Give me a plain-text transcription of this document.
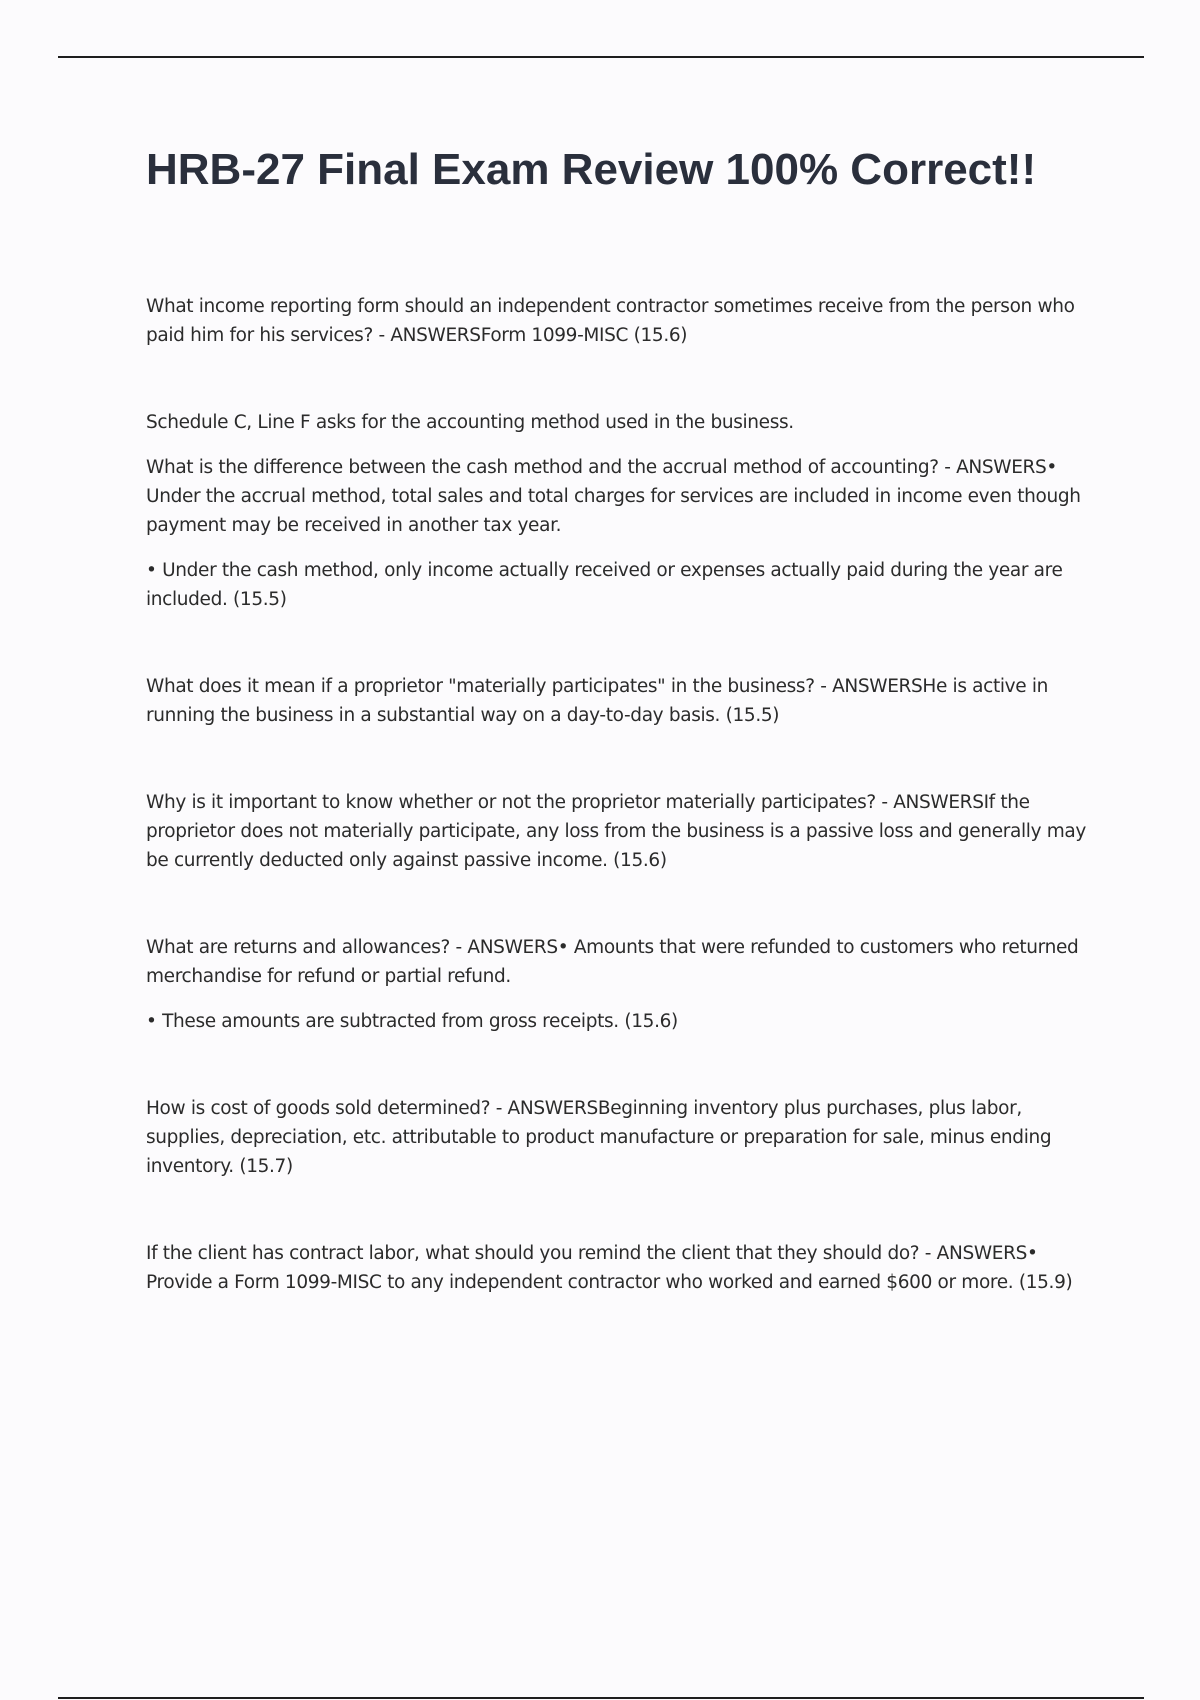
HRB-27 Final Exam Review 100% Correct!!

What income reporting form should an independent contractor sometimes receive from the person who paid him for his services? - ANSWERSForm 1099-MISC (15.6)

Schedule C, Line F asks for the accounting method used in the business.

What is the difference between the cash method and the accrual method of accounting? - ANSWERS• Under the accrual method, total sales and total charges for services are included in income even though payment may be received in another tax year.

• Under the cash method, only income actually received or expenses actually paid during the year are included. (15.5)

What does it mean if a proprietor "materially participates" in the business? - ANSWERSHe is active in running the business in a substantial way on a day-to-day basis. (15.5)

Why is it important to know whether or not the proprietor materially participates? - ANSWERSIf the proprietor does not materially participate, any loss from the business is a passive loss and generally may be currently deducted only against passive income. (15.6)

What are returns and allowances? - ANSWERS• Amounts that were refunded to customers who returned merchandise for refund or partial refund.

• These amounts are subtracted from gross receipts. (15.6)

How is cost of goods sold determined? - ANSWERSBeginning inventory plus purchases, plus labor, supplies, depreciation, etc. attributable to product manufacture or preparation for sale, minus ending inventory. (15.7)

If the client has contract labor, what should you remind the client that they should do? - ANSWERS• Provide a Form 1099-MISC to any independent contractor who worked and earned $600 or more. (15.9)
